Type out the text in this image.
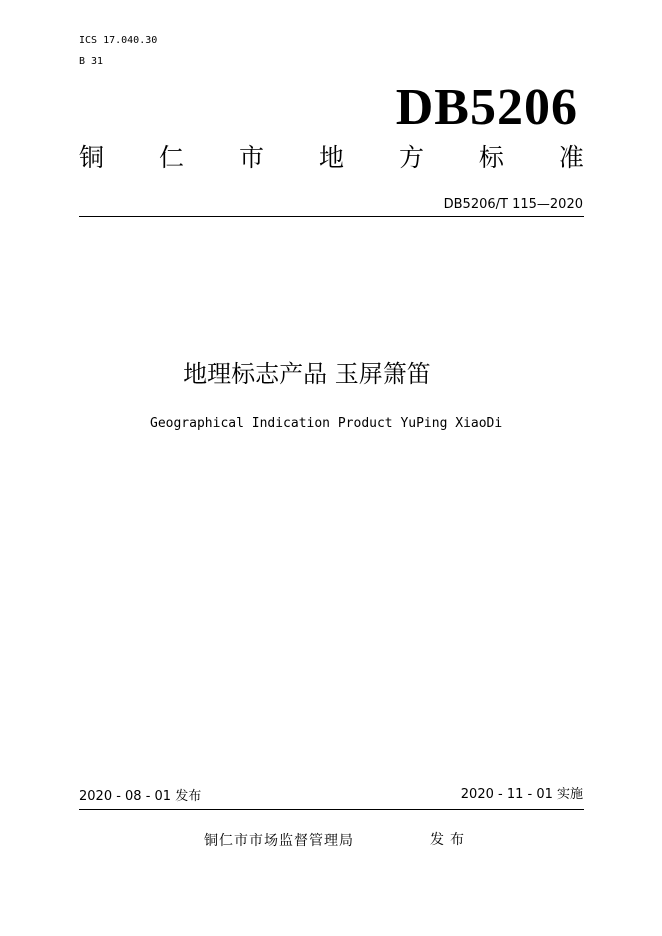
ICS 17.040.30
B 31
DB5206
铜 仁 市 地 方 标 准
DB5206/T 115—2020
地理标志产品 玉屏箫笛
Geographical Indication Product YuPing XiaoDi
2020 - 08 - 01 发布	2020 - 11 - 01 实施
铜仁市市场监督管理局	发布
